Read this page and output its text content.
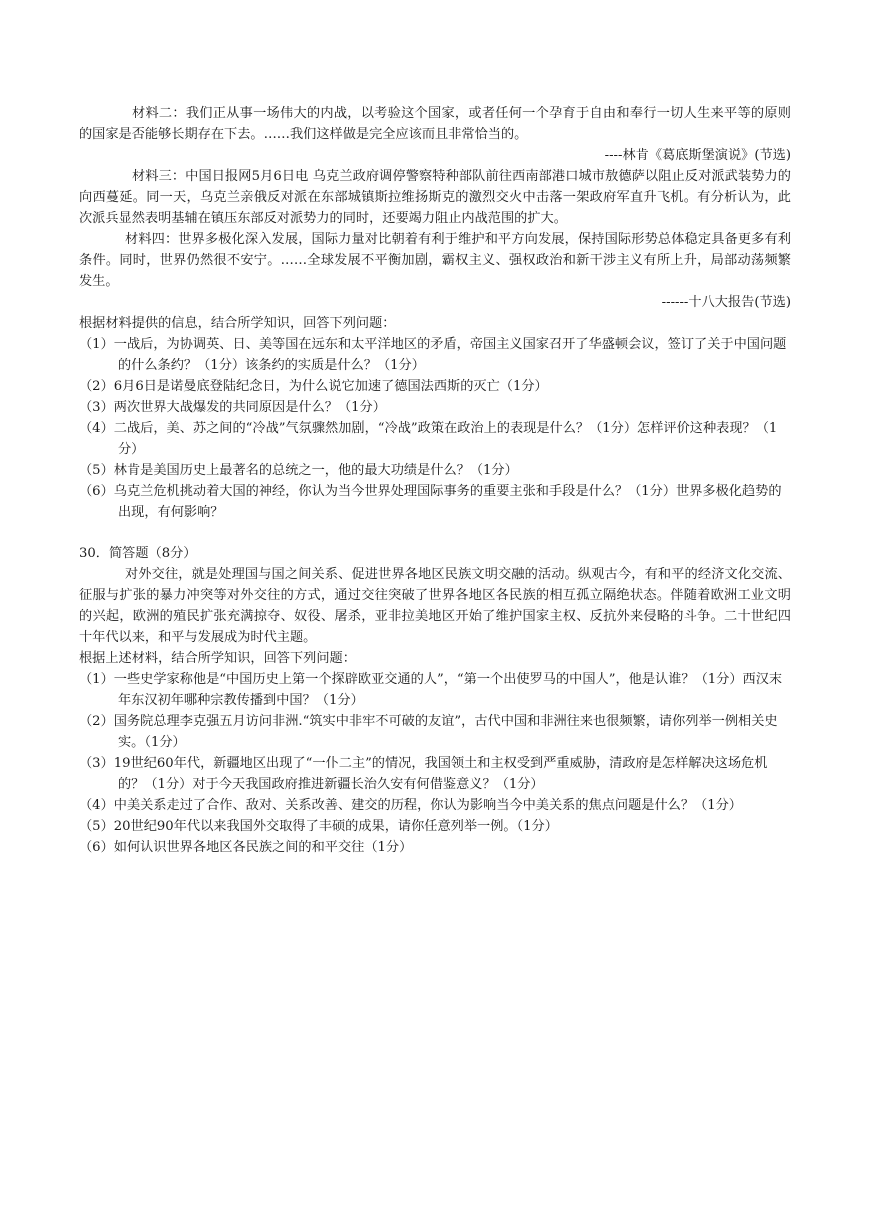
材料二：我们正从事一场伟大的内战，以考验这个国家，或者任何一个孕育于自由和奉行一切人生来平等的原则的国家是否能够长期存在下去。……我们这样做是完全应该而且非常恰当的。

----林肯《葛底斯堡演说》(节选)

材料三：中国日报网5月6日电 乌克兰政府调停警察特种部队前往西南部港口城市敖德萨以阻止反对派武装势力的向西蔓延。同一天，乌克兰亲俄反对派在东部城镇斯拉维扬斯克的激烈交火中击落一架政府军直升飞机。有分析认为，此次派兵显然表明基辅在镇压东部反对派势力的同时，还要竭力阻止内战范围的扩大。

材料四：世界多极化深入发展，国际力量对比朝着有利于维护和平方向发展，保持国际形势总体稳定具备更多有利条件。同时，世界仍然很不安宁。……全球发展不平衡加剧，霸权主义、强权政治和新干涉主义有所上升，局部动荡频繁发生。

------十八大报告(节选)

根据材料提供的信息，结合所学知识，回答下列问题：

（1）一战后，为协调英、日、美等国在远东和太平洋地区的矛盾，帝国主义国家召开了华盛顿会议，签订了关于中国问题的什么条约？（1分）该条约的实质是什么？（1分）

（2）6月6日是诺曼底登陆纪念日，为什么说它加速了德国法西斯的灭亡（1分）

（3）两次世界大战爆发的共同原因是什么？（1分）

（4）二战后，美、苏之间的“冷战”气氛骤然加剧，“冷战”政策在政治上的表现是什么？（1分）怎样评价这种表现？（1分）

（5）林肯是美国历史上最著名的总统之一，他的最大功绩是什么？（1分）

（6）乌克兰危机挑动着大国的神经，你认为当今世界处理国际事务的重要主张和手段是什么？（1分）世界多极化趋势的出现，有何影响？

30．简答题（8分）

对外交往，就是处理国与国之间关系、促进世界各地区民族文明交融的活动。纵观古今，有和平的经济文化交流、征服与扩张的暴力冲突等对外交往的方式，通过交往突破了世界各地区各民族的相互孤立隔绝状态。伴随着欧洲工业文明的兴起，欧洲的殖民扩张充满掠夺、奴役、屠杀，亚非拉美地区开始了维护国家主权、反抗外来侵略的斗争。二十世纪四十年代以来，和平与发展成为时代主题。

根据上述材料，结合所学知识，回答下列问题：

（1）一些史学家称他是“中国历史上第一个探辟欧亚交通的人”，“第一个出使罗马的中国人”，他是认谁？（1分）西汉末年东汉初年哪种宗教传播到中国？（1分）

（2）国务院总理李克强五月访问非洲.“筑实中非牢不可破的友谊”，古代中国和非洲往来也很频繁，请你列举一例相关史实。（1分）

（3）19世纪60年代，新疆地区出现了“一仆二主”的情况，我国领土和主权受到严重威胁，清政府是怎样解决这场危机的？（1分）对于今天我国政府推进新疆长治久安有何借鉴意义？（1分）

（4）中美关系走过了合作、敌对、关系改善、建交的历程，你认为影响当今中美关系的焦点问题是什么？（1分）

（5）20世纪90年代以来我国外交取得了丰硕的成果，请你任意列举一例。（1分）

（6）如何认识世界各地区各民族之间的和平交往（1分）
